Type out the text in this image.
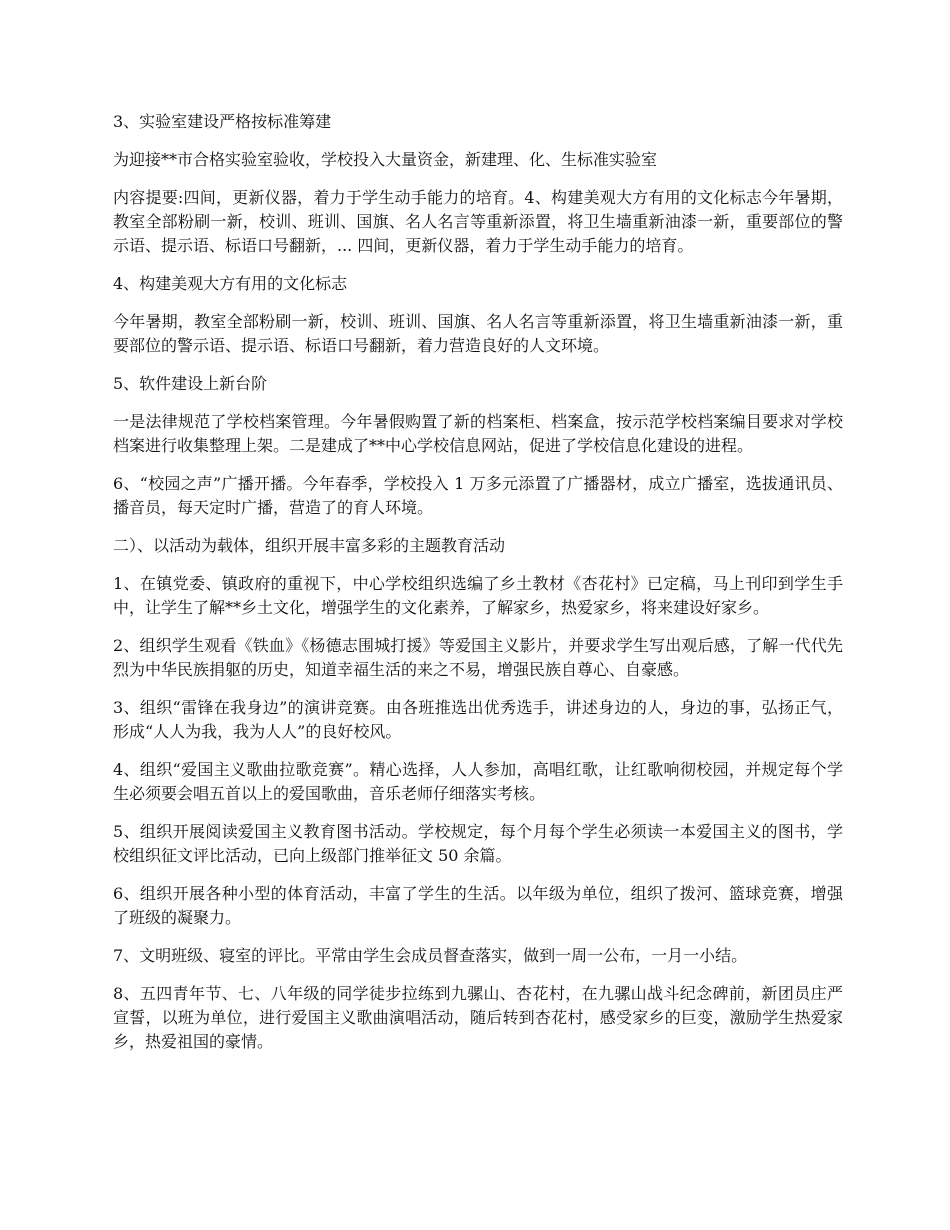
3、实验室建设严格按标准筹建

为迎接**市合格实验室验收，学校投入大量资金，新建理、化、生标准实验室

内容提要:四间，更新仪器，着力于学生动手能力的培育。4、构建美观大方有用的文化标志今年暑期，教室全部粉刷一新，校训、班训、国旗、名人名言等重新添置，将卫生墙重新油漆一新，重要部位的警示语、提示语、标语口号翻新，... 四间，更新仪器，着力于学生动手能力的培育。

4、构建美观大方有用的文化标志

今年暑期，教室全部粉刷一新，校训、班训、国旗、名人名言等重新添置，将卫生墙重新油漆一新，重要部位的警示语、提示语、标语口号翻新，着力营造良好的人文环境。

5、软件建设上新台阶

一是法律规范了学校档案管理。今年暑假购置了新的档案柜、档案盒，按示范学校档案编目要求对学校档案进行收集整理上架。二是建成了**中心学校信息网站，促进了学校信息化建设的进程。

6、“校园之声”广播开播。今年春季，学校投入 1 万多元添置了广播器材，成立广播室，选拔通讯员、播音员，每天定时广播，营造了的育人环境。

二）、以活动为载体，组织开展丰富多彩的主题教育活动

1、在镇党委、镇政府的重视下，中心学校组织选编了乡土教材《杏花村》已定稿，马上刊印到学生手中，让学生了解**乡土文化，增强学生的文化素养，了解家乡，热爱家乡，将来建设好家乡。

2、组织学生观看《铁血》《杨德志围城打援》等爱国主义影片，并要求学生写出观后感，了解一代代先烈为中华民族捐躯的历史，知道幸福生活的来之不易，增强民族自尊心、自豪感。

3、组织“雷锋在我身边”的演讲竞赛。由各班推选出优秀选手，讲述身边的人，身边的事，弘扬正气，形成“人人为我，我为人人”的良好校风。

4、组织“爱国主义歌曲拉歌竞赛”。精心选择，人人参加，高唱红歌，让红歌响彻校园，并规定每个学生必须要会唱五首以上的爱国歌曲，音乐老师仔细落实考核。

5、组织开展阅读爱国主义教育图书活动。学校规定，每个月每个学生必须读一本爱国主义的图书，学校组织征文评比活动，已向上级部门推举征文 50 余篇。

6、组织开展各种小型的体育活动，丰富了学生的生活。以年级为单位，组织了拨河、篮球竞赛，增强了班级的凝聚力。

7、文明班级、寝室的评比。平常由学生会成员督查落实，做到一周一公布，一月一小结。

8、五四青年节、七、八年级的同学徒步拉练到九骡山、杏花村，在九骡山战斗纪念碑前，新团员庄严宣誓，以班为单位，进行爱国主义歌曲演唱活动，随后转到杏花村，感受家乡的巨变，激励学生热爱家乡，热爱祖国的豪情。
